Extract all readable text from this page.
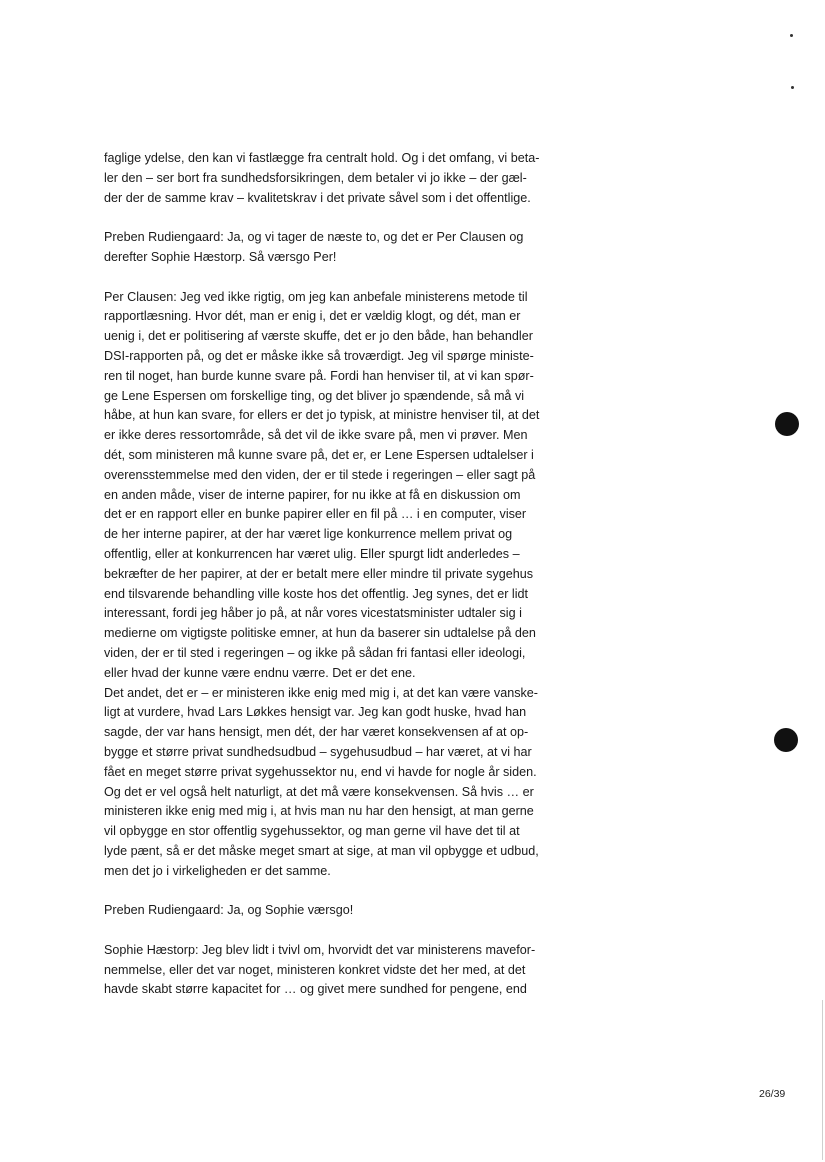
faglige ydelse, den kan vi fastlægge fra centralt hold. Og i det omfang, vi beta-
ler den – ser bort fra sundhedsforsikringen, dem betaler vi jo ikke – der gæl-
der der de samme krav – kvalitetskrav i det private såvel som i det offentlige.
Preben Rudiengaard: Ja, og vi tager de næste to, og det er Per Clausen og
derefter Sophie Hæstorp. Så værsgo Per!
Per Clausen: Jeg ved ikke rigtig, om jeg kan anbefale ministerens metode til
rapportlæsning. Hvor dét, man er enig i, det er vældig klogt, og dét, man er
uenig i, det er politisering af værste skuffe, det er jo den både, han behandler
DSI-rapporten på, og det er måske ikke så troværdigt. Jeg vil spørge ministe-
ren til noget, han burde kunne svare på. Fordi han henviser til, at vi kan spør-
ge Lene Espersen om forskellige ting, og det bliver jo spændende, så må vi
håbe, at hun kan svare, for ellers er det jo typisk, at ministre henviser til, at det
er ikke deres ressortområde, så det vil de ikke svare på, men vi prøver. Men
dét, som ministeren må kunne svare på, det er, er Lene Espersen udtalelser i
overensstemmelse med den viden, der er til stede i regeringen – eller sagt på
en anden måde, viser de interne papirer, for nu ikke at få en diskussion om
det er en rapport eller en bunke papirer eller en fil på … i en computer, viser
de her interne papirer, at der har været lige konkurrence mellem privat og
offentlig, eller at konkurrencen har været ulig. Eller spurgt lidt anderledes –
bekræfter de her papirer, at der er betalt mere eller mindre til private sygehus
end tilsvarende behandling ville koste hos det offentlig. Jeg synes, det er lidt
interessant, fordi jeg håber jo på, at når vores vicestatsminister udtaler sig i
medierne om vigtigste politiske emner, at hun da baserer sin udtalelse på den
viden, der er til sted i regeringen – og ikke på sådan fri fantasi eller ideologi,
eller hvad der kunne være endnu værre. Det er det ene.
Det andet, det er – er ministeren ikke enig med mig i, at det kan være vanske-
ligt at vurdere, hvad Lars Løkkes hensigt var. Jeg kan godt huske, hvad han
sagde, der var hans hensigt, men dét, der har været konsekvensen af at op-
bygge et større privat sundhedsudbud – sygehusudbud – har været, at vi har
fået en meget større privat sygehussektor nu, end vi havde for nogle år siden.
Og det er vel også helt naturligt, at det må være konsekvensen. Så hvis … er
ministeren ikke enig med mig i, at hvis man nu har den hensigt, at man gerne
vil opbygge en stor offentlig sygehussektor, og man gerne vil have det til at
lyde pænt, så er det måske meget smart at sige, at man vil opbygge et udbud,
men det jo i virkeligheden er det samme.
Preben Rudiengaard: Ja, og Sophie værsgo!
Sophie Hæstorp: Jeg blev lidt i tvivl om, hvorvidt det var ministerens mavefor-
nemmelse, eller det var noget, ministeren konkret vidste det her med, at det
havde skabt større kapacitet for … og givet mere sundhed for pengene, end
26/39
